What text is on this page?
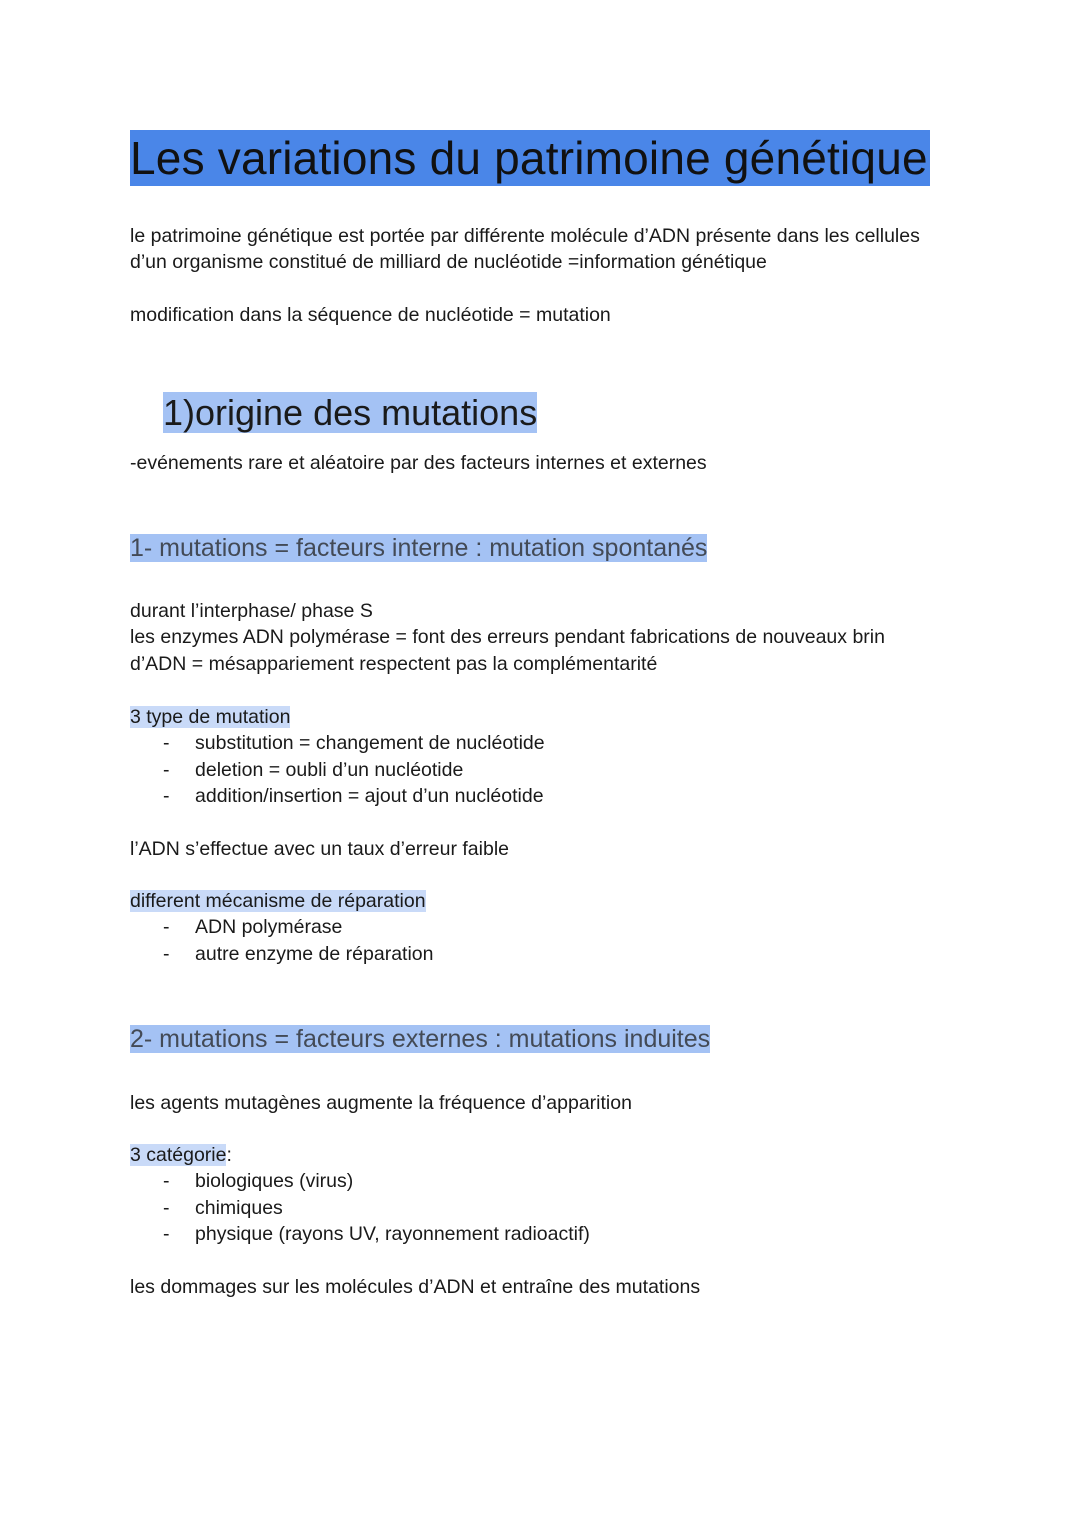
Les variations du patrimoine génétique
le patrimoine génétique est portée par différente molécule d’ADN présente dans les cellules
d’un organisme constitué de milliard de nucléotide =information génétique
modification dans la séquence de nucléotide = mutation
1)origine des mutations
-evénements rare et aléatoire par des facteurs internes et externes
1- mutations = facteurs interne : mutation spontanés
durant l’interphase/ phase S
les enzymes ADN polymérase = font des erreurs pendant fabrications de nouveaux brin
d’ADN = mésappariement respectent pas la complémentarité
3 type de mutation
- substitution = changement de nucléotide
- deletion = oubli d’un nucléotide
- addition/insertion = ajout d’un nucléotide
l’ADN s’effectue avec un taux d’erreur faible
different mécanisme de réparation
- ADN polymérase
- autre enzyme de réparation
2- mutations = facteurs externes : mutations induites
les agents mutagènes augmente la fréquence d’apparition
3 catégorie:
- biologiques (virus)
- chimiques
- physique (rayons UV, rayonnement radioactif)
les dommages sur les molécules d’ADN et entraîne des mutations
